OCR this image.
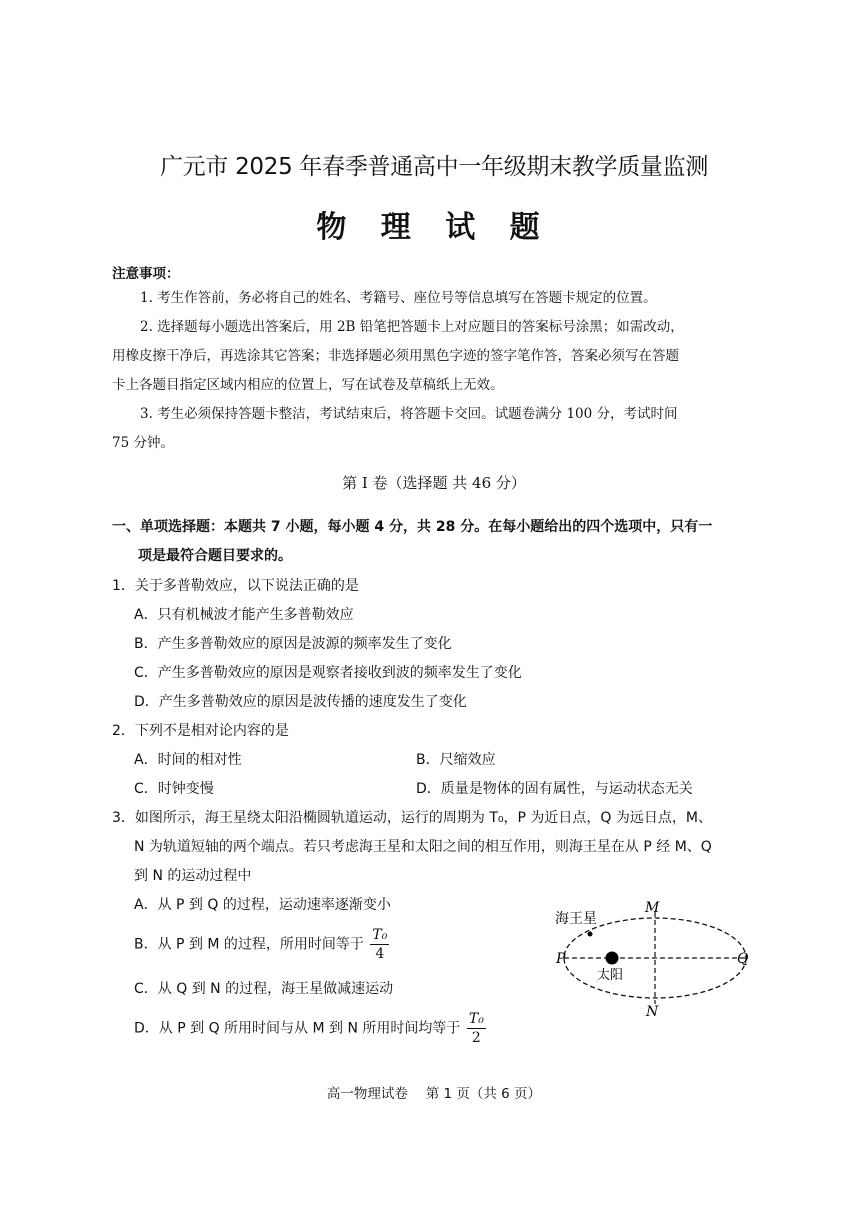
广元市 2025 年春季普通高中一年级期末教学质量监测
物 理 试 题
注意事项：
1. 考生作答前，务必将自己的姓名、考籍号、座位号等信息填写在答题卡规定的位置。
2. 选择题每小题选出答案后，用 2B 铅笔把答题卡上对应题目的答案标号涂黑；如需改动，
用橡皮擦干净后，再选涂其它答案；非选择题必须用黑色字迹的签字笔作答，答案必须写在答题
卡上各题目指定区域内相应的位置上，写在试卷及草稿纸上无效。
3. 考生必须保持答题卡整洁，考试结束后，将答题卡交回。试题卷满分 100 分，考试时间
75 分钟。
第 I 卷（选择题 共 46 分）
一、单项选择题：本题共 7 小题，每小题 4 分，共 28 分。在每小题给出的四个选项中，只有一
项是最符合题目要求的。
1．关于多普勒效应，以下说法正确的是
A．只有机械波才能产生多普勒效应
B．产生多普勒效应的原因是波源的频率发生了变化
C．产生多普勒效应的原因是观察者接收到波的频率发生了变化
D．产生多普勒效应的原因是波传播的速度发生了变化
2．下列不是相对论内容的是
A．时间的相对性	B．尺缩效应
C．时钟变慢	D．质量是物体的固有属性，与运动状态无关
3．如图所示，海王星绕太阳沿椭圆轨道运动，运行的周期为 T₀，P 为近日点，Q 为远日点，M、
N 为轨道短轴的两个端点。若只考虑海王星和太阳之间的相互作用，则海王星在从 P 经 M、Q
到 N 的运动过程中
A．从 P 到 Q 的过程，运动速率逐渐变小
B．从 P 到 M 的过程，所用时间等于 $\frac{\text{T₀}}{4}$
C．从 Q 到 N 的过程，海王星做减速运动
D．从 P 到 Q 所用时间与从 M 到 N 所用时间均等于 $\frac{\text{T₀}}{2}$
海王星
太阳
P	Q
M
N
高一物理试卷　 第 1 页（共 6 页）
